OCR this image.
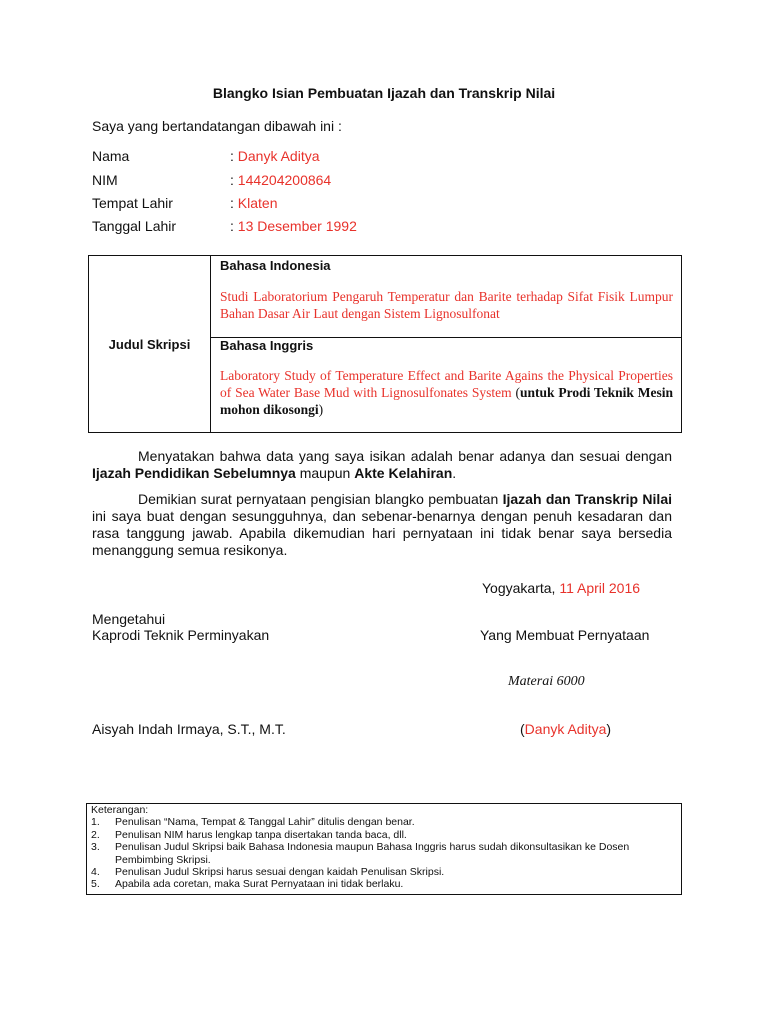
Blangko Isian Pembuatan Ijazah dan Transkrip Nilai
Saya yang bertandatangan dibawah ini :
Nama	: Danyk Aditya
NIM	: 144204200864
Tempat Lahir	: Klaten
Tanggal Lahir	: 13 Desember 1992
Judul Skripsi
Bahasa Indonesia
Studi Laboratorium Pengaruh Temperatur dan Barite terhadap Sifat Fisik Lumpur Bahan Dasar Air Laut dengan Sistem Lignosulfonat
Bahasa Inggris
Laboratory Study of Temperature Effect and Barite Agains the Physical Properties of Sea Water Base Mud with Lignosulfonates System (untuk Prodi Teknik Mesin mohon dikosongi)
Menyatakan bahwa data yang saya isikan adalah benar adanya dan sesuai dengan Ijazah Pendidikan Sebelumnya maupun Akte Kelahiran.
Demikian surat pernyataan pengisian blangko pembuatan Ijazah dan Transkrip Nilai ini saya buat dengan sesungguhnya, dan sebenar-benarnya dengan penuh kesadaran dan rasa tanggung jawab. Apabila dikemudian hari pernyataan ini tidak benar saya bersedia menanggung semua resikonya.
Yogyakarta, 11 April 2016
Mengetahui
Kaprodi Teknik Perminyakan	Yang Membuat Pernyataan
Materai 6000
Aisyah Indah Irmaya, S.T., M.T.	(Danyk Aditya)
Keterangan:
1.	Penulisan “Nama, Tempat & Tanggal Lahir” ditulis dengan benar.
2.	Penulisan NIM harus lengkap tanpa disertakan tanda baca, dll.
3.	Penulisan Judul Skripsi baik Bahasa Indonesia maupun Bahasa Inggris harus sudah dikonsultasikan ke Dosen Pembimbing Skripsi.
4.	Penulisan Judul Skripsi harus sesuai dengan kaidah Penulisan Skripsi.
5.	Apabila ada coretan, maka Surat Pernyataan ini tidak berlaku.
